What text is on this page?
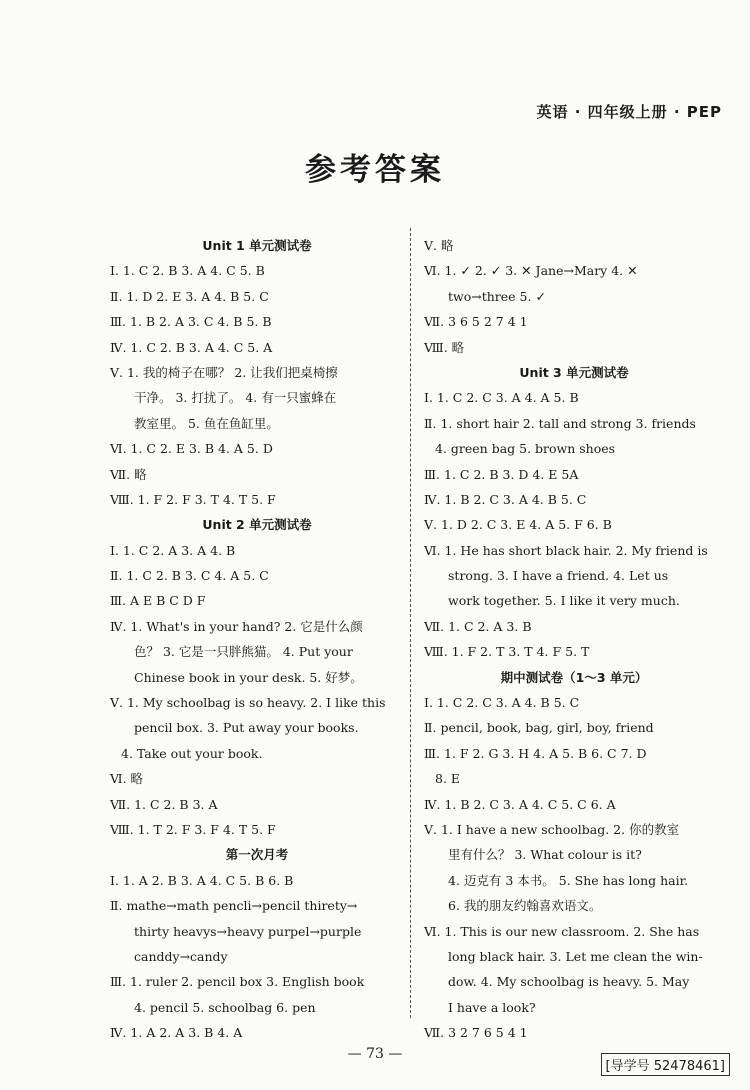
英语 · 四年级上册 · PEP
参考答案
Unit 1 单元测试卷
Ⅰ. 1. C 2. B 3. A 4. C 5. B
Ⅱ. 1. D 2. E 3. A 4. B 5. C
Ⅲ. 1. B 2. A 3. C 4. B 5. B
Ⅳ. 1. C 2. B 3. A 4. C 5. A
Ⅴ. 1. 我的椅子在哪？ 2. 让我们把桌椅擦
干净。 3. 打扰了。 4. 有一只蜜蜂在
教室里。 5. 鱼在鱼缸里。
Ⅵ. 1. C 2. E 3. B 4. A 5. D
Ⅶ. 略
Ⅷ. 1. F 2. F 3. T 4. T 5. F
Unit 2 单元测试卷
Ⅰ. 1. C 2. A 3. A 4. B
Ⅱ. 1. C 2. B 3. C 4. A 5. C
Ⅲ. A E B C D F
Ⅳ. 1. What's in your hand? 2. 它是什么颜
色？ 3. 它是一只胖熊猫。 4. Put your
Chinese book in your desk. 5. 好梦。
Ⅴ. 1. My schoolbag is so heavy. 2. I like this
pencil box. 3. Put away your books.
4. Take out your book.
Ⅵ. 略
Ⅶ. 1. C 2. B 3. A
Ⅷ. 1. T 2. F 3. F 4. T 5. F
第一次月考
Ⅰ. 1. A 2. B 3. A 4. C 5. B 6. B
Ⅱ. mathe→math pencli→pencil thirety→
thirty heavys→heavy purpel→purple
canddy→candy
Ⅲ. 1. ruler 2. pencil box 3. English book
4. pencil 5. schoolbag 6. pen
Ⅳ. 1. A 2. A 3. B 4. A
Ⅴ. 略
Ⅵ. 1. ✓ 2. ✓ 3. ✕ Jane→Mary 4. ✕
two→three 5. ✓
Ⅶ. 3 6 5 2 7 4 1
Ⅷ. 略
Unit 3 单元测试卷
Ⅰ. 1. C 2. C 3. A 4. A 5. B
Ⅱ. 1. short hair 2. tall and strong 3. friends
4. green bag 5. brown shoes
Ⅲ. 1. C 2. B 3. D 4. E 5A
Ⅳ. 1. B 2. C 3. A 4. B 5. C
Ⅴ. 1. D 2. C 3. E 4. A 5. F 6. B
Ⅵ. 1. He has short black hair. 2. My friend is
strong. 3. I have a friend. 4. Let us
work together. 5. I like it very much.
Ⅶ. 1. C 2. A 3. B
Ⅷ. 1. F 2. T 3. T 4. F 5. T
期中测试卷（1～3 单元）
Ⅰ. 1. C 2. C 3. A 4. B 5. C
Ⅱ. pencil, book, bag, girl, boy, friend
Ⅲ. 1. F 2. G 3. H 4. A 5. B 6. C 7. D
8. E
Ⅳ. 1. B 2. C 3. A 4. C 5. C 6. A
Ⅴ. 1. I have a new schoolbag. 2. 你的教室
里有什么？ 3. What colour is it?
4. 迈克有 3 本书。 5. She has long hair.
6. 我的朋友约翰喜欢语文。
Ⅵ. 1. This is our new classroom. 2. She has
long black hair. 3. Let me clean the win-
dow. 4. My schoolbag is heavy. 5. May
I have a look?
Ⅶ. 3 2 7 6 5 4 1
— 73 —
[导学号 52478461]
